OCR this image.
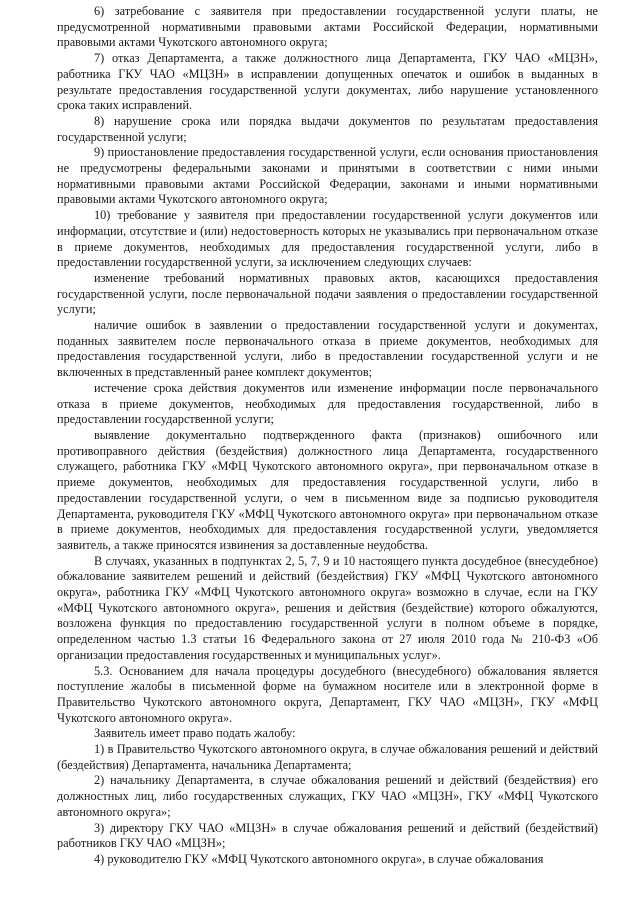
6) затребование с заявителя при предоставлении государственной услуги платы, не предусмотренной нормативными правовыми актами Российской Федерации, нормативными правовыми актами Чукотского автономного округа;

7) отказ Департамента, а также должностного лица Департамента, ГКУ ЧАО «МЦЗН», работника ГКУ ЧАО «МЦЗН» в исправлении допущенных опечаток и ошибок в выданных в результате предоставления государственной услуги документах, либо нарушение установленного срока таких исправлений.

8) нарушение срока или порядка выдачи документов по результатам предоставления государственной услуги;

9) приостановление предоставления государственной услуги, если основания приостановления не предусмотрены федеральными законами и принятыми в соответствии с ними иными нормативными правовыми актами Российской Федерации, законами и иными нормативными правовыми актами Чукотского автономного округа;

10) требование у заявителя при предоставлении государственной услуги документов или информации, отсутствие и (или) недостоверность которых не указывались при первоначальном отказе в приеме документов, необходимых для предоставления государственной услуги, либо в предоставлении государственной услуги, за исключением следующих случаев:

изменение требований нормативных правовых актов, касающихся предоставления государственной услуги, после первоначальной подачи заявления о предоставлении государственной услуги;

наличие ошибок в заявлении о предоставлении государственной услуги и документах, поданных заявителем после первоначального отказа в приеме документов, необходимых для предоставления государственной услуги, либо в предоставлении государственной услуги и не включенных в представленный ранее комплект документов;

истечение срока действия документов или изменение информации после первоначального отказа в приеме документов, необходимых для предоставления государственной, либо в предоставлении государственной услуги;

выявление документально подтвержденного факта (признаков) ошибочного или противоправного действия (бездействия) должностного лица Департамента, государственного служащего, работника ГКУ «МФЦ Чукотского автономного округа», при первоначальном отказе в приеме документов, необходимых для предоставления государственной услуги, либо в предоставлении государственной услуги, о чем в письменном виде за подписью руководителя Департамента, руководителя ГКУ «МФЦ Чукотского автономного округа» при первоначальном отказе в приеме документов, необходимых для предоставления государственной услуги, уведомляется заявитель, а также приносятся извинения за доставленные неудобства.

В случаях, указанных в подпунктах 2, 5, 7, 9 и 10 настоящего пункта досудебное (внесудебное) обжалование заявителем решений и действий (бездействия) ГКУ «МФЦ Чукотского автономного округа», работника ГКУ «МФЦ Чукотского автономного округа» возможно в случае, если на ГКУ «МФЦ Чукотского автономного округа», решения и действия (бездействие) которого обжалуются, возложена функция по предоставлению государственной услуги в полном объеме в порядке, определенном частью 1.3 статьи 16 Федерального закона от 27 июля 2010 года № 210-ФЗ «Об организации предоставления государственных и муниципальных услуг».

5.3. Основанием для начала процедуры досудебного (внесудебного) обжалования является поступление жалобы в письменной форме на бумажном носителе или в электронной форме в Правительство Чукотского автономного округа, Департамент, ГКУ ЧАО «МЦЗН», ГКУ «МФЦ Чукотского автономного округа».

Заявитель имеет право подать жалобу:

1) в Правительство Чукотского автономного округа, в случае обжалования решений и действий (бездействия) Департамента, начальника Департамента;

2) начальнику Департамента, в случае обжалования решений и действий (бездействия) его должностных лиц, либо государственных служащих, ГКУ ЧАО «МЦЗН», ГКУ «МФЦ Чукотского автономного округа»;

3) директору ГКУ ЧАО «МЦЗН» в случае обжалования решений и действий (бездействий) работников ГКУ ЧАО «МЦЗН»;

4) руководителю ГКУ «МФЦ Чукотского автономного округа», в случае обжалования
